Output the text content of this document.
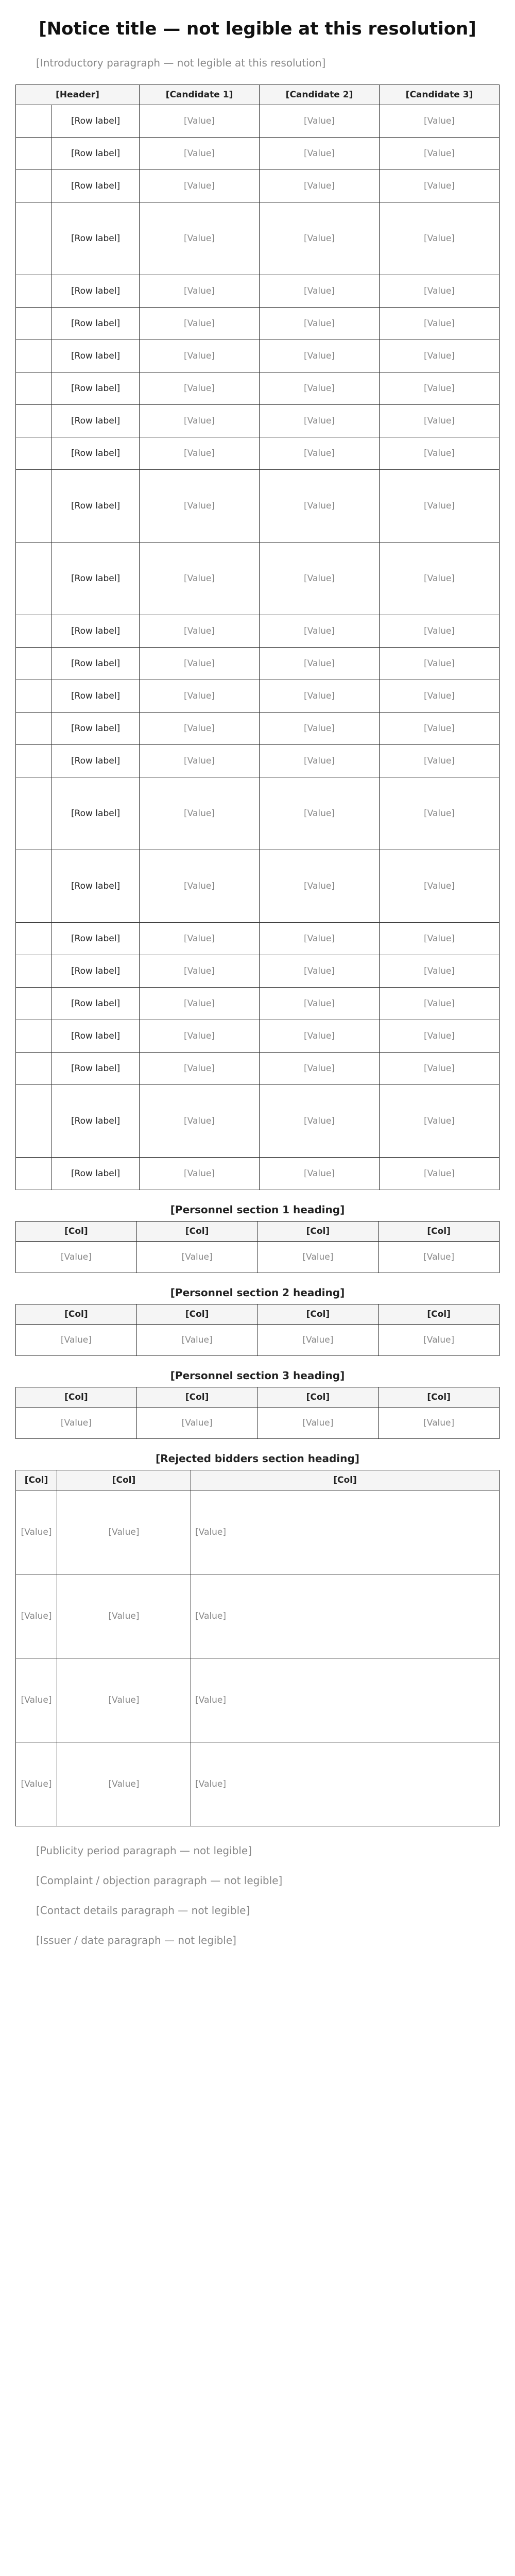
[Notice title — not legible at this resolution]

[Introductory paragraph — not legible at this resolution]

[Header]		[Candidate 1]	[Candidate 2]	[Candidate 3]
	[Row label]	[Value]	[Value]	[Value]
	[Row label]	[Value]	[Value]	[Value]
	[Row label]	[Value]	[Value]	[Value]
	[Row label]	[Value]	[Value]	[Value]
	[Row label]	[Value]	[Value]	[Value]
	[Row label]	[Value]	[Value]	[Value]
	[Row label]	[Value]	[Value]	[Value]
	[Row label]	[Value]	[Value]	[Value]
	[Row label]	[Value]	[Value]	[Value]
	[Row label]	[Value]	[Value]	[Value]
	[Row label]	[Value]	[Value]	[Value]
	[Row label]	[Value]	[Value]	[Value]
	[Row label]	[Value]	[Value]	[Value]
	[Row label]	[Value]	[Value]	[Value]
	[Row label]	[Value]	[Value]	[Value]
	[Row label]	[Value]	[Value]	[Value]
	[Row label]	[Value]	[Value]	[Value]
	[Row label]	[Value]	[Value]	[Value]
	[Row label]	[Value]	[Value]	[Value]
	[Row label]	[Value]	[Value]	[Value]
	[Row label]	[Value]	[Value]	[Value]
	[Row label]	[Value]	[Value]	[Value]
	[Row label]	[Value]	[Value]	[Value]
	[Row label]	[Value]	[Value]	[Value]
	[Row label]	[Value]	[Value]	[Value]
	[Row label]	[Value]	[Value]	[Value]
[Personnel section 1 heading]
[Col]	[Col]	[Col]	[Col]
[Value]	[Value]	[Value]	[Value]
[Personnel section 2 heading]
[Col]	[Col]	[Col]	[Col]
[Value]	[Value]	[Value]	[Value]
[Personnel section 3 heading]
[Col]	[Col]	[Col]	[Col]
[Value]	[Value]	[Value]	[Value]
[Rejected bidders section heading]
[Col]	[Col]	[Col]
[Value]	[Value]	[Value]
[Value]	[Value]	[Value]
[Value]	[Value]	[Value]
[Value]	[Value]	[Value]

[Publicity period paragraph — not legible]

[Complaint / objection paragraph — not legible]

[Contact details paragraph — not legible]

[Issuer / date paragraph — not legible]
